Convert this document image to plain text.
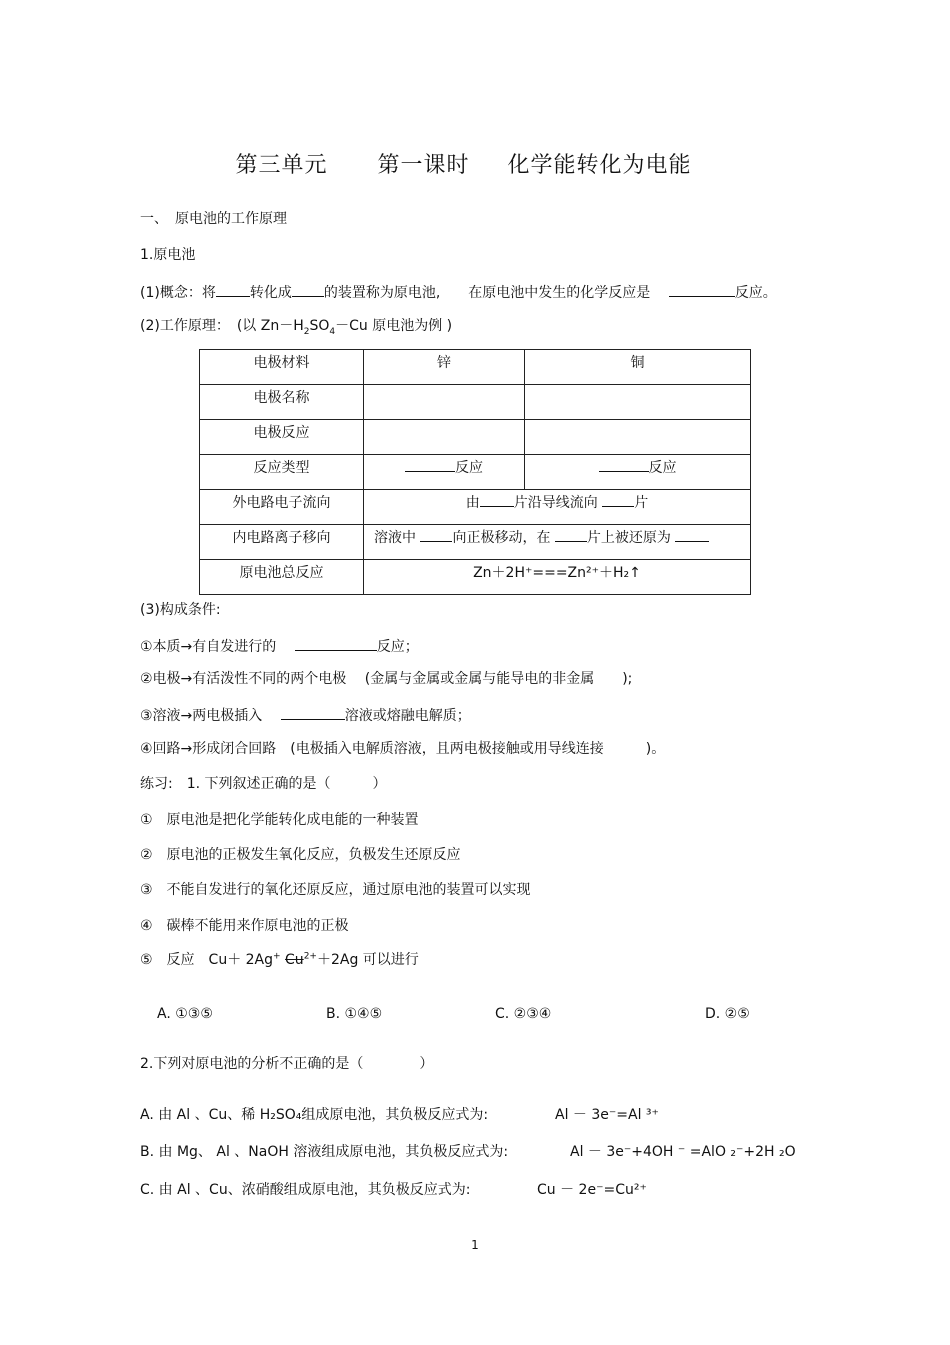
第三单元 第一课时 化学能转化为电能
一、　原电池的工作原理
1.原电池
(1)概念：将 转化成 的装置称为原电池,　　在原电池中发生的化学反应是　	反应。
(2)工作原理：　(以 $Zn-H_2SO_4-Cu$ 原电池为例 )
电极材料	锌	铜

电极名称		

电极反应		

反应类型	反应	反应

外电路电子流向	由 片沿导线流向 片	

内电路离子移向	溶液中 向正极移动，在 片上被还原为	

原电池总反应	Zn＋2H⁺===Zn²⁺＋H₂↑	
(3)构成条件:
①本质→有自发进行的　	反应；
②电极→有活泼性不同的两个电极　 (金属与金属或金属与能导电的非金属　　);
③溶液→两电极插入　	溶液或熔融电解质；
④回路→形成闭合回路　(电极插入电解质溶液，且两电极接触或用导线连接　　　)。
练习:　1. 下列叙述正确的是（　　　）
①　原电池是把化学能转化成电能的一种装置
②　原电池的正极发生氧化反应，负极发生还原反应
③　不能自发进行的氧化还原反应，通过原电池的装置可以实现
④　碳棒不能用来作原电池的正极
⑤　反应　Cu＋ 2Ag+ $Cu^{2+}+2Ag$ 可以进行
A. ①③⑤	B. ①④⑤	C. ②③④	D. ②⑤
2.下列对原电池的分析不正确的是（　　　　）
A. 由 Al 、Cu、稀 H₂SO₄组成原电池，其负极反应式为:	Al － 3e⁻=Al ³⁺
B. 由 Mg、 Al 、NaOH 溶液组成原电池，其负极反应式为:	Al － 3e⁻+4OH ⁻ =AlO ₂⁻+2H ₂O
C. 由 Al 、Cu、浓硝酸组成原电池，其负极反应式为:	Cu － 2e⁻=Cu²⁺
1
